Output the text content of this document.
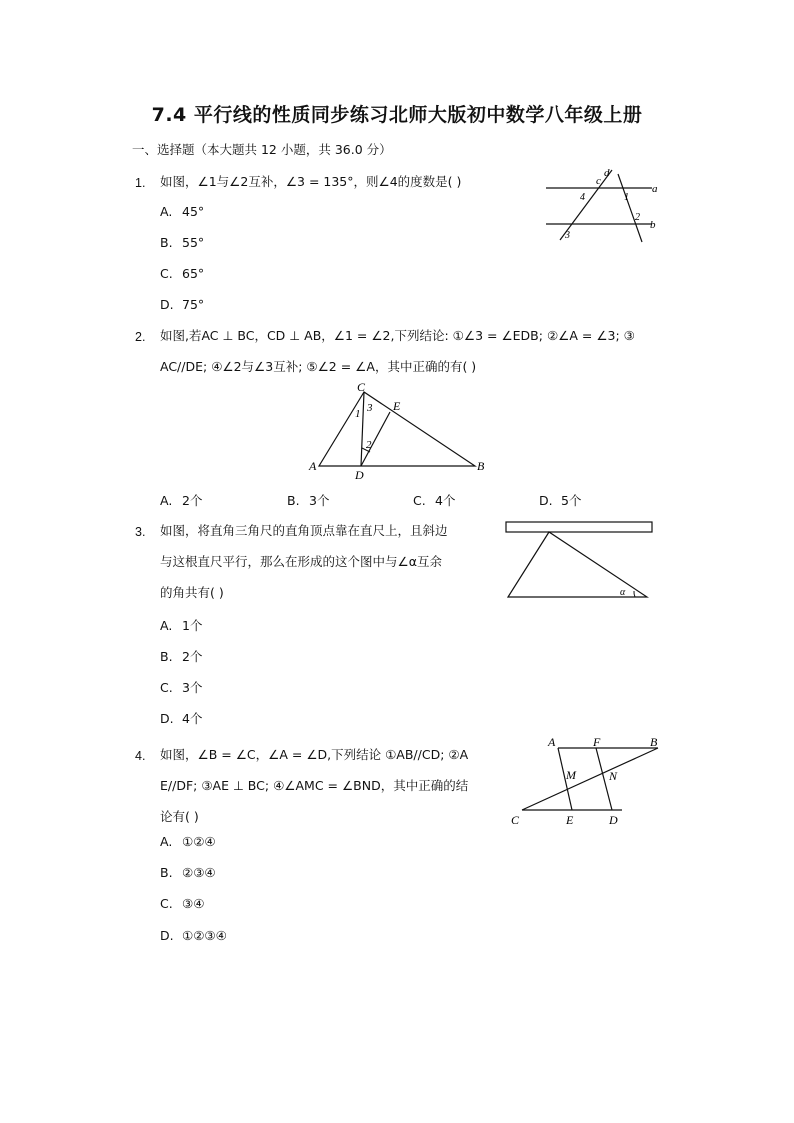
7.4 平行线的性质同步练习北师大版初中数学八年级上册
一、选择题（本大题共 12 小题，共 36.0 分）
1. 如图，∠1与∠2互补，∠3 = 135°，则∠4的度数是( )
A. 45°
B. 55°
C. 65°
D. 75°
d
c
a
b
1
2
3
4
2. 如图,若AC ⊥ BC，CD ⊥ AB，∠1 = ∠2,下列结论: ①∠3 = ∠EDB; ②∠A = ∠3; ③
AC//DE; ④∠2与∠3互补; ⑤∠2 = ∠A，其中正确的有( )
C
E
A
D
B
1
2
3
A. 2个	B. 3个	C. 4个	D. 5个
3. 如图，将直角三角尺的直角顶点靠在直尺上，且斜边
与这根直尺平行，那么在形成的这个图中与∠α互余
的角共有( )	α
A. 1个
B. 2个
C. 3个
D. 4个
4. 如图，∠B = ∠C，∠A = ∠D,下列结论 ①AB//CD; ②A
E//DF; ③AE ⊥ BC; ④∠AMC = ∠BND，其中正确的结
论有( )
A	F	B
M	N
C	E	D
A. ①②④
B. ②③④
C. ③④
D. ①②③④
